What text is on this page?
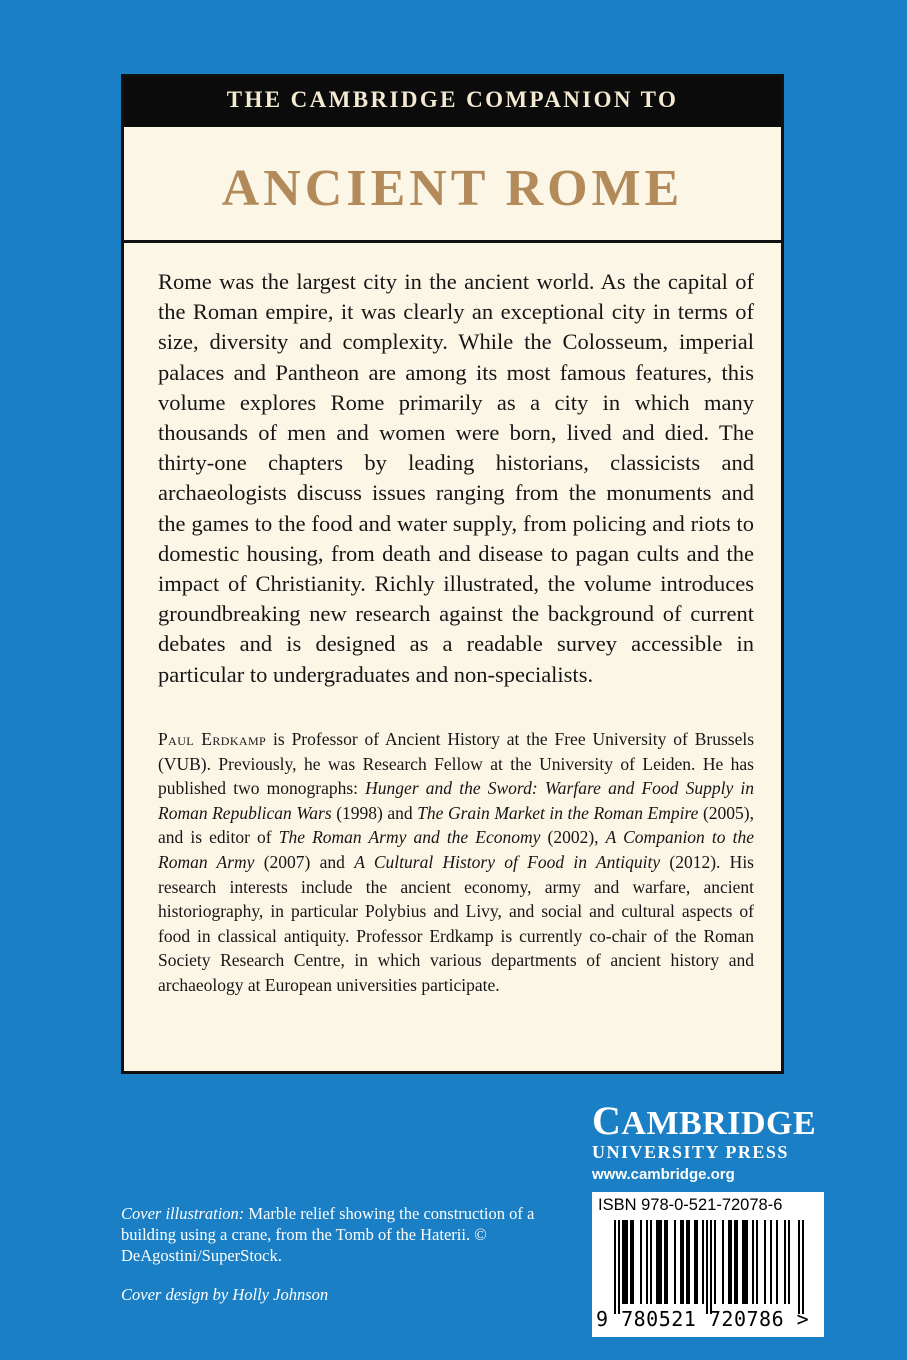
THE CAMBRIDGE COMPANION TO
ANCIENT ROME

Rome was the largest city in the ancient world. As the capital of the Roman empire, it was clearly an exceptional city in terms of size, diversity and complexity. While the Colosseum, imperial palaces and Pantheon are among its most famous features, this volume explores Rome primarily as a city in which many thousands of men and women were born, lived and died. The thirty-one chapters by leading historians, classicists and archaeologists discuss issues ranging from the monuments and the games to the food and water supply, from policing and riots to domestic housing, from death and disease to pagan cults and the impact of Christianity. Richly illustrated, the volume introduces groundbreaking new research against the background of current debates and is designed as a readable survey accessible in particular to undergraduates and non-specialists.

Paul Erdkamp is Professor of Ancient History at the Free University of Brussels (VUB). Previously, he was Research Fellow at the University of Leiden. He has published two monographs: Hunger and the Sword: Warfare and Food Supply in Roman Republican Wars (1998) and The Grain Market in the Roman Empire (2005), and is editor of The Roman Army and the Economy (2002), A Companion to the Roman Army (2007) and A Cultural History of Food in Antiquity (2012). His research interests include the ancient economy, army and warfare, ancient historiography, in particular Polybius and Livy, and social and cultural aspects of food in classical antiquity. Professor Erdkamp is currently co-chair of the Roman Society Research Centre, in which various departments of ancient history and archaeology at European universities participate.

Cover illustration: Marble relief showing the construction of a building using a crane, from the Tomb of the Haterii. © DeAgostini/SuperStock.

Cover design by Holly Johnson

CAMBRIDGE
UNIVERSITY PRESS
www.cambridge.org
ISBN 978-0-521-72078-6
9 780521 720786 >
